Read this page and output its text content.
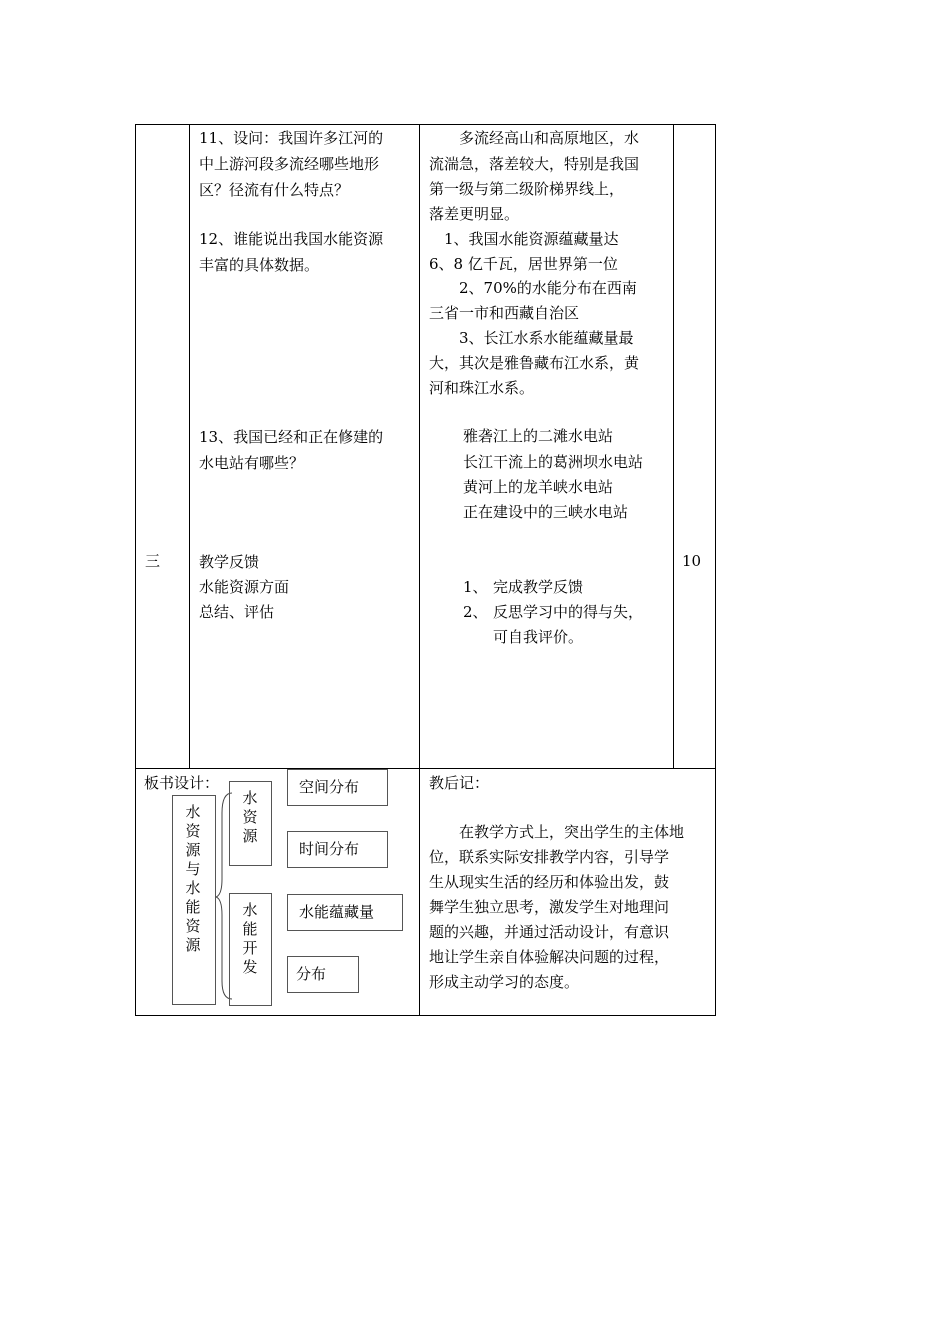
三	10
11、设问：我国许多江河的
中上游河段多流经哪些地形
区？径流有什么特点？
12、谁能说出我国水能资源
丰富的具体数据。
13、我国已经和正在修建的
水电站有哪些？
教学反馈
水能资源方面
总结、评估
　　多流经高山和高原地区，水
流湍急，落差较大，特别是我国
第一级与第二级阶梯界线上，
落差更明显。
　1、我国水能资源蕴藏量达
6、8 亿千瓦，居世界第一位
　　2、70%的水能分布在西南
三省一市和西藏自治区
　　3、长江水系水能蕴藏量最
大，其次是雅鲁藏布江水系，黄
河和珠江水系。
雅砻江上的二滩水电站
长江干流上的葛洲坝水电站
黄河上的龙羊峡水电站
正在建设中的三峡水电站
1、 完成教学反馈
2、 反思学习中的得与失，
可自我评价。
板书设计：
水资源与水能资源
水资源
水能开发
空间分布
时间分布
水能蕴藏量
分布
教后记：
　　在教学方式上，突出学生的主体地
位，联系实际安排教学内容，引导学
生从现实生活的经历和体验出发，鼓
舞学生独立思考，激发学生对地理问
题的兴趣，并通过活动设计，有意识
地让学生亲自体验解决问题的过程，
形成主动学习的态度。
